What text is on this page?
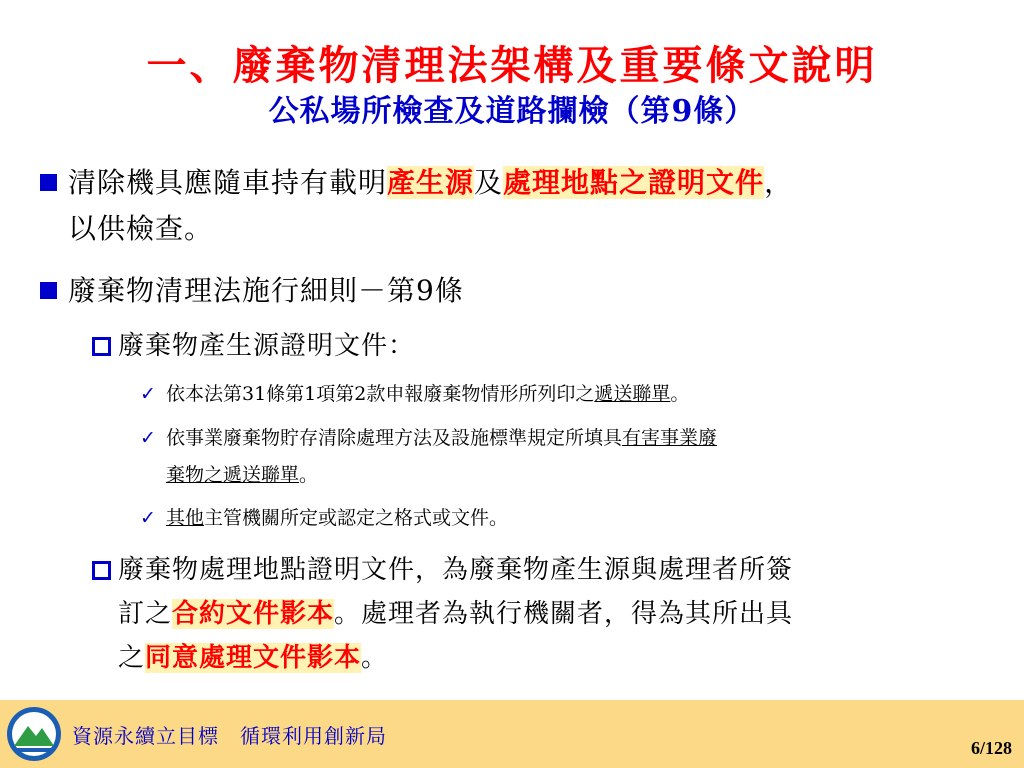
一、廢棄物清理法架構及重要條文說明
公私場所檢查及道路攔檢（第9條）
清除機具應隨車持有載明產生源及處理地點之證明文件，
以供檢查。
廢棄物清理法施行細則－第9條
廢棄物產生源證明文件：
✓ 依本法第31條第1項第2款申報廢棄物情形所列印之遞送聯單。
✓ 依事業廢棄物貯存清除處理方法及設施標準規定所填具有害事業廢
棄物之遞送聯單。
✓ 其他主管機關所定或認定之格式或文件。
廢棄物處理地點證明文件，為廢棄物產生源與處理者所簽
訂之合約文件影本。處理者為執行機關者，得為其所出具
之同意處理文件影本。
資源永續立目標　循環利用創新局	6/128
